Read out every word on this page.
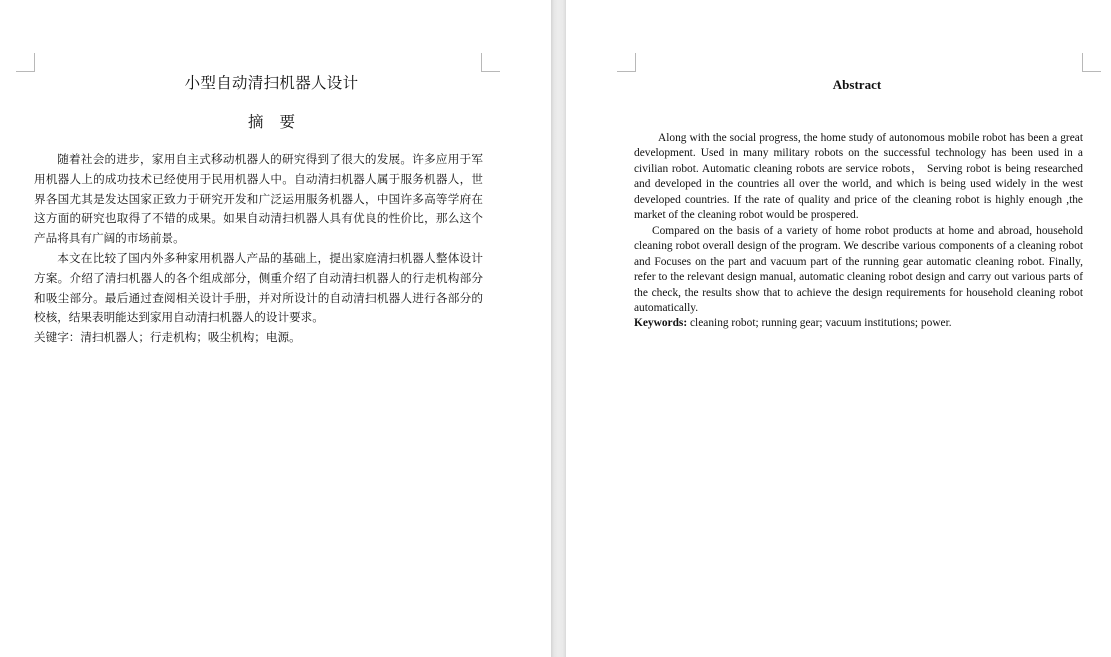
小型自动清扫机器人设计
摘要

随着社会的进步，家用自主式移动机器人的研究得到了很大的发展。许多应用于军用机器人上的成功技术已经使用于民用机器人中。自动清扫机器人属于服务机器人，世界各国尤其是发达国家正致力于研究开发和广泛运用服务机器人，中国许多高等学府在这方面的研究也取得了不错的成果。如果自动清扫机器人具有优良的性价比，那么这个产品将具有广阔的市场前景。

本文在比较了国内外多种家用机器人产品的基础上，提出家庭清扫机器人整体设计方案。介绍了清扫机器人的各个组成部分，侧重介绍了自动清扫机器人的行走机构部分和吸尘部分。最后通过查阅相关设计手册，并对所设计的自动清扫机器人进行各部分的校核，结果表明能达到家用自动清扫机器人的设计要求。

关键字：清扫机器人；行走机构；吸尘机构；电源。
Abstract

Along with the social progress, the home study of autonomous mobile robot has been a great development. Used in many military robots on the successful technology has been used in a civilian robot. Automatic cleaning robots are service robots， Serving robot is being researched and developed in the countries all over the world, and which is being used widely in the west developed countries. If the rate of quality and price of the cleaning robot is highly enough ,the market of the cleaning robot would be prospered.

Compared on the basis of a variety of home robot products at home and abroad, household cleaning robot overall design of the program. We describe various components of a cleaning robot and Focuses on the part and vacuum part of the running gear automatic cleaning robot. Finally, refer to the relevant design manual, automatic cleaning robot design and carry out various parts of the check, the results show that to achieve the design requirements for household cleaning robot automatically.

Keywords: cleaning robot; running gear; vacuum institutions; power.
